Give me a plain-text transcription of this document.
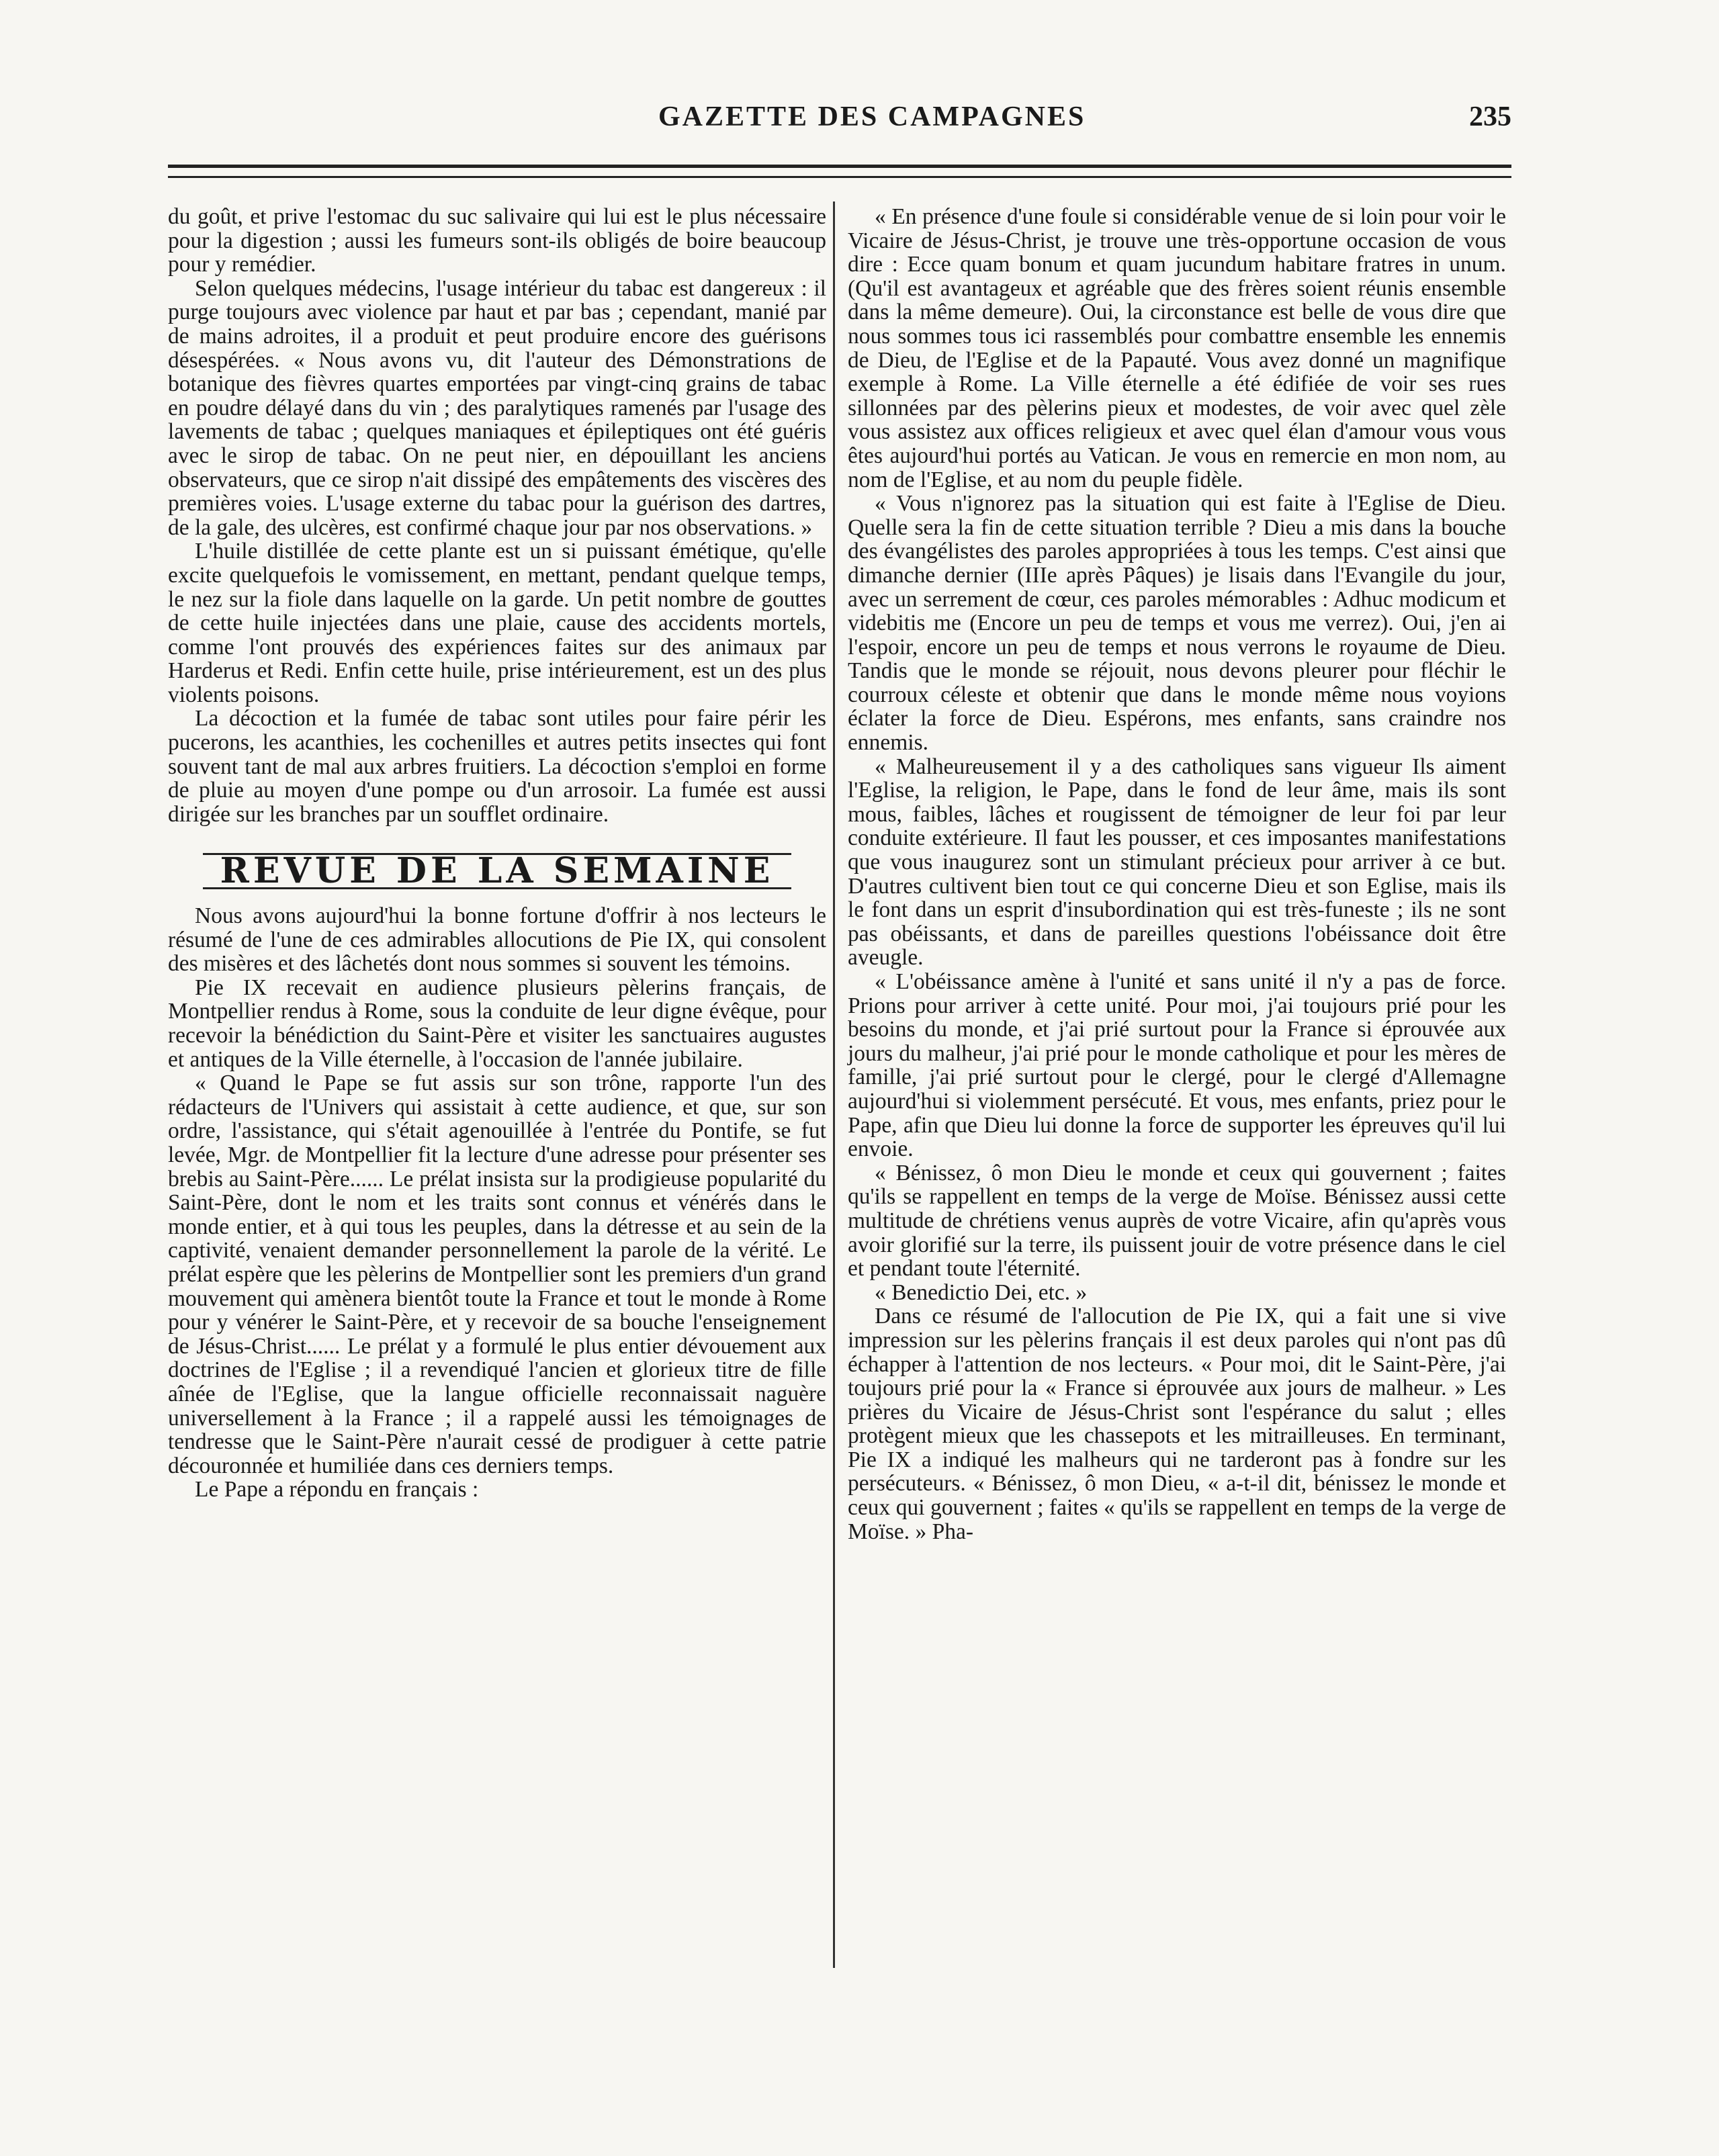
GAZETTE DES CAMPAGNES	235

du goût, et prive l'estomac du suc salivaire qui lui est le plus nécessaire pour la digestion ; aussi les fumeurs sont-ils obligés de boire beaucoup pour y remédier.

Selon quelques médecins, l'usage intérieur du tabac est dangereux : il purge toujours avec violence par haut et par bas ; cependant, manié par de mains adroites, il a produit et peut produire encore des guérisons désespérées. « Nous avons vu, dit l'auteur des Démonstrations de botanique des fièvres quartes emportées par vingt-cinq grains de tabac en poudre délayé dans du vin ; des paralytiques ramenés par l'usage des lavements de tabac ; quelques maniaques et épileptiques ont été guéris avec le sirop de tabac. On ne peut nier, en dépouillant les anciens observateurs, que ce sirop n'ait dissipé des empâtements des viscères des premières voies. L'usage externe du tabac pour la guérison des dartres, de la gale, des ulcères, est confirmé chaque jour par nos observations. »

L'huile distillée de cette plante est un si puissant émétique, qu'elle excite quelquefois le vomissement, en mettant, pendant quelque temps, le nez sur la fiole dans laquelle on la garde. Un petit nombre de gouttes de cette huile injectées dans une plaie, cause des accidents mortels, comme l'ont prouvés des expériences faites sur des animaux par Harderus et Redi. Enfin cette huile, prise intérieurement, est un des plus violents poisons.

La décoction et la fumée de tabac sont utiles pour faire périr les pucerons, les acanthies, les cochenilles et autres petits insectes qui font souvent tant de mal aux arbres fruitiers. La décoction s'emploi en forme de pluie au moyen d'une pompe ou d'un arrosoir. La fumée est aussi dirigée sur les branches par un soufflet ordinaire.

REVUE DE LA SEMAINE

Nous avons aujourd'hui la bonne fortune d'offrir à nos lecteurs le résumé de l'une de ces admirables allocutions de Pie IX, qui consolent des misères et des lâchetés dont nous sommes si souvent les témoins.

Pie IX recevait en audience plusieurs pèlerins français, de Montpellier rendus à Rome, sous la conduite de leur digne évêque, pour recevoir la bénédiction du Saint-Père et visiter les sanctuaires augustes et antiques de la Ville éternelle, à l'occasion de l'année jubilaire.

« Quand le Pape se fut assis sur son trône, rapporte l'un des rédacteurs de l'Univers qui assistait à cette audience, et que, sur son ordre, l'assistance, qui s'était agenouillée à l'entrée du Pontife, se fut levée, Mgr. de Montpellier fit la lecture d'une adresse pour présenter ses brebis au Saint-Père...... Le prélat insista sur la prodigieuse popularité du Saint-Père, dont le nom et les traits sont connus et vénérés dans le monde entier, et à qui tous les peuples, dans la détresse et au sein de la captivité, venaient demander personnellement la parole de la vérité. Le prélat espère que les pèlerins de Montpellier sont les premiers d'un grand mouvement qui amènera bientôt toute la France et tout le monde à Rome pour y vénérer le Saint-Père, et y recevoir de sa bouche l'enseignement de Jésus-Christ...... Le prélat y a formulé le plus entier dévouement aux doctrines de l'Eglise ; il a revendiqué l'ancien et glorieux titre de fille aînée de l'Eglise, que la langue officielle reconnaissait naguère universellement à la France ; il a rappelé aussi les témoignages de tendresse que le Saint-Père n'aurait cessé de prodiguer à cette patrie découronnée et humiliée dans ces derniers temps.

Le Pape a répondu en français :

« En présence d'une foule si considérable venue de si loin pour voir le Vicaire de Jésus-Christ, je trouve une très-opportune occasion de vous dire : Ecce quam bonum et quam jucundum habitare fratres in unum. (Qu'il est avantageux et agréable que des frères soient réunis ensemble dans la même demeure). Oui, la circonstance est belle de vous dire que nous sommes tous ici rassemblés pour combattre ensemble les ennemis de Dieu, de l'Eglise et de la Papauté. Vous avez donné un magnifique exemple à Rome. La Ville éternelle a été édifiée de voir ses rues sillonnées par des pèlerins pieux et modestes, de voir avec quel zèle vous assistez aux offices religieux et avec quel élan d'amour vous vous êtes aujourd'hui portés au Vatican. Je vous en remercie en mon nom, au nom de l'Eglise, et au nom du peuple fidèle.

« Vous n'ignorez pas la situation qui est faite à l'Eglise de Dieu. Quelle sera la fin de cette situation terrible ? Dieu a mis dans la bouche des évangélistes des paroles appropriées à tous les temps. C'est ainsi que dimanche dernier (IIIe après Pâques) je lisais dans l'Evangile du jour, avec un serrement de cœur, ces paroles mémorables : Adhuc modicum et videbitis me (Encore un peu de temps et vous me verrez). Oui, j'en ai l'espoir, encore un peu de temps et nous verrons le royaume de Dieu. Tandis que le monde se réjouit, nous devons pleurer pour fléchir le courroux céleste et obtenir que dans le monde même nous voyions éclater la force de Dieu. Espérons, mes enfants, sans craindre nos ennemis.

« Malheureusement il y a des catholiques sans vigueur Ils aiment l'Eglise, la religion, le Pape, dans le fond de leur âme, mais ils sont mous, faibles, lâches et rougissent de témoigner de leur foi par leur conduite extérieure. Il faut les pousser, et ces imposantes manifestations que vous inaugurez sont un stimulant précieux pour arriver à ce but. D'autres cultivent bien tout ce qui concerne Dieu et son Eglise, mais ils le font dans un esprit d'insubordination qui est très-funeste ; ils ne sont pas obéissants, et dans de pareilles questions l'obéissance doit être aveugle.

« L'obéissance amène à l'unité et sans unité il n'y a pas de force. Prions pour arriver à cette unité. Pour moi, j'ai toujours prié pour les besoins du monde, et j'ai prié surtout pour la France si éprouvée aux jours du malheur, j'ai prié pour le monde catholique et pour les mères de famille, j'ai prié surtout pour le clergé, pour le clergé d'Allemagne aujourd'hui si violemment persécuté. Et vous, mes enfants, priez pour le Pape, afin que Dieu lui donne la force de supporter les épreuves qu'il lui envoie.

« Bénissez, ô mon Dieu le monde et ceux qui gouvernent ; faites qu'ils se rappellent en temps de la verge de Moïse. Bénissez aussi cette multitude de chrétiens venus auprès de votre Vicaire, afin qu'après vous avoir glorifié sur la terre, ils puissent jouir de votre présence dans le ciel et pendant toute l'éternité.

« Benedictio Dei, etc. »

Dans ce résumé de l'allocution de Pie IX, qui a fait une si vive impression sur les pèlerins français il est deux paroles qui n'ont pas dû échapper à l'attention de nos lecteurs. « Pour moi, dit le Saint-Père, j'ai toujours prié pour la « France si éprouvée aux jours de malheur. » Les prières du Vicaire de Jésus-Christ sont l'espérance du salut ; elles protègent mieux que les chassepots et les mitrailleuses. En terminant, Pie IX a indiqué les malheurs qui ne tarderont pas à fondre sur les persécuteurs. « Bénissez, ô mon Dieu, « a-t-il dit, bénissez le monde et ceux qui gouvernent ; faites « qu'ils se rappellent en temps de la verge de Moïse. » Pha-
